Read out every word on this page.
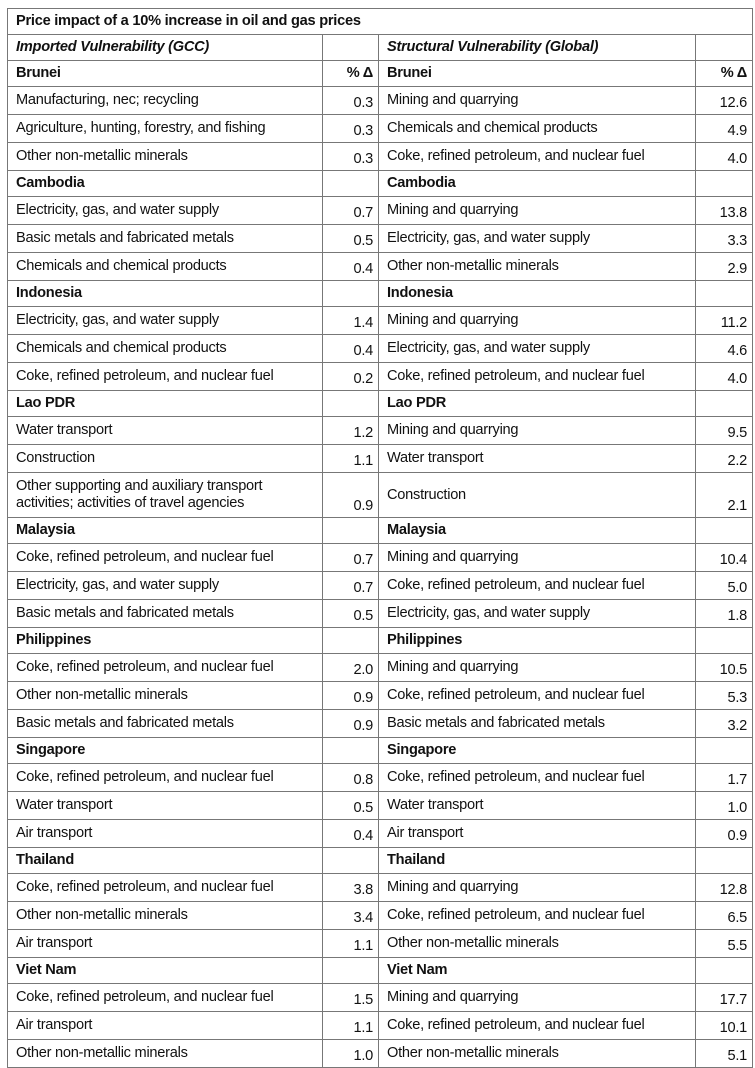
Price impact of a 10% increase in oil and gas prices			
Imported Vulnerability (GCC)		Structural Vulnerability (Global)	
Brunei	% Δ	Brunei	% Δ
Manufacturing, nec; recycling	0.3	Mining and quarrying	12.6
Agriculture, hunting, forestry, and fishing	0.3	Chemicals and chemical products	4.9
Other non-metallic minerals	0.3	Coke, refined petroleum, and nuclear fuel	4.0
Cambodia		Cambodia	
Electricity, gas, and water supply	0.7	Mining and quarrying	13.8
Basic metals and fabricated metals	0.5	Electricity, gas, and water supply	3.3
Chemicals and chemical products	0.4	Other non-metallic minerals	2.9
Indonesia		Indonesia	
Electricity, gas, and water supply	1.4	Mining and quarrying	11.2
Chemicals and chemical products	0.4	Electricity, gas, and water supply	4.6
Coke, refined petroleum, and nuclear fuel	0.2	Coke, refined petroleum, and nuclear fuel	4.0
Lao PDR		Lao PDR	
Water transport	1.2	Mining and quarrying	9.5
Construction	1.1	Water transport	2.2
Other supporting and auxiliary transport activities; activities of travel agencies	0.9	Construction	2.1
Malaysia		Malaysia	
Coke, refined petroleum, and nuclear fuel	0.7	Mining and quarrying	10.4
Electricity, gas, and water supply	0.7	Coke, refined petroleum, and nuclear fuel	5.0
Basic metals and fabricated metals	0.5	Electricity, gas, and water supply	1.8
Philippines		Philippines	
Coke, refined petroleum, and nuclear fuel	2.0	Mining and quarrying	10.5
Other non-metallic minerals	0.9	Coke, refined petroleum, and nuclear fuel	5.3
Basic metals and fabricated metals	0.9	Basic metals and fabricated metals	3.2
Singapore		Singapore	
Coke, refined petroleum, and nuclear fuel	0.8	Coke, refined petroleum, and nuclear fuel	1.7
Water transport	0.5	Water transport	1.0
Air transport	0.4	Air transport	0.9
Thailand		Thailand	
Coke, refined petroleum, and nuclear fuel	3.8	Mining and quarrying	12.8
Other non-metallic minerals	3.4	Coke, refined petroleum, and nuclear fuel	6.5
Air transport	1.1	Other non-metallic minerals	5.5
Viet Nam		Viet Nam	
Coke, refined petroleum, and nuclear fuel	1.5	Mining and quarrying	17.7
Air transport	1.1	Coke, refined petroleum, and nuclear fuel	10.1
Other non-metallic minerals	1.0	Other non-metallic minerals	5.1
